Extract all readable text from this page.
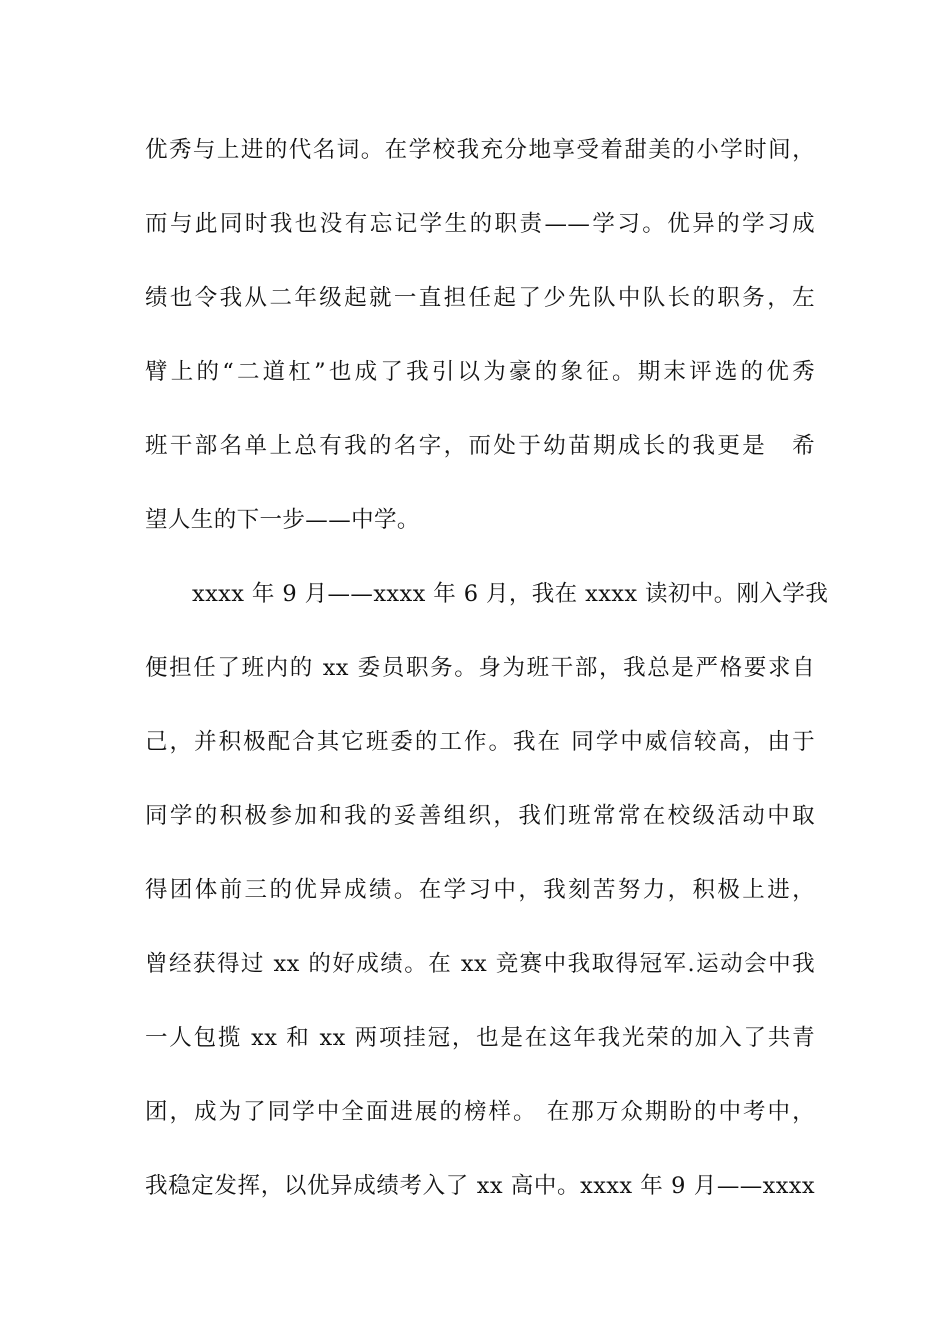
优秀与上进的代名词。在学校我充分地享受着甜美的小学时间，
而与此同时我也没有忘记学生的职责——学习。优异的学习成
绩也令我从二年级起就一直担任起了少先队中队长的职务，左
臂上的“二道杠”也成了我引以为豪的象征。期末评选的优秀
班干部名单上总有我的名字，而处于幼苗期成长的我更是　希
望人生的下一步——中学。
xxxx 年 9 月——xxxx 年 6 月，我在 xxxx 读初中。刚入学我
便担任了班内的 xx 委员职务。身为班干部，我总是严格要求自
己，并积极配合其它班委的工作。我在 同学中威信较高，由于
同学的积极参加和我的妥善组织，我们班常常在校级活动中取
得团体前三的优异成绩。在学习中，我刻苦努力，积极上进，
曾经获得过 xx 的好成绩。在 xx 竞赛中我取得冠军.运动会中我
一人包揽 xx 和 xx 两项挂冠，也是在这年我光荣的加入了共青
团，成为了同学中全面进展的榜样。 在那万众期盼的中考中，
我稳定发挥，以优异成绩考入了 xx 高中。xxxx 年 9 月——xxxx
